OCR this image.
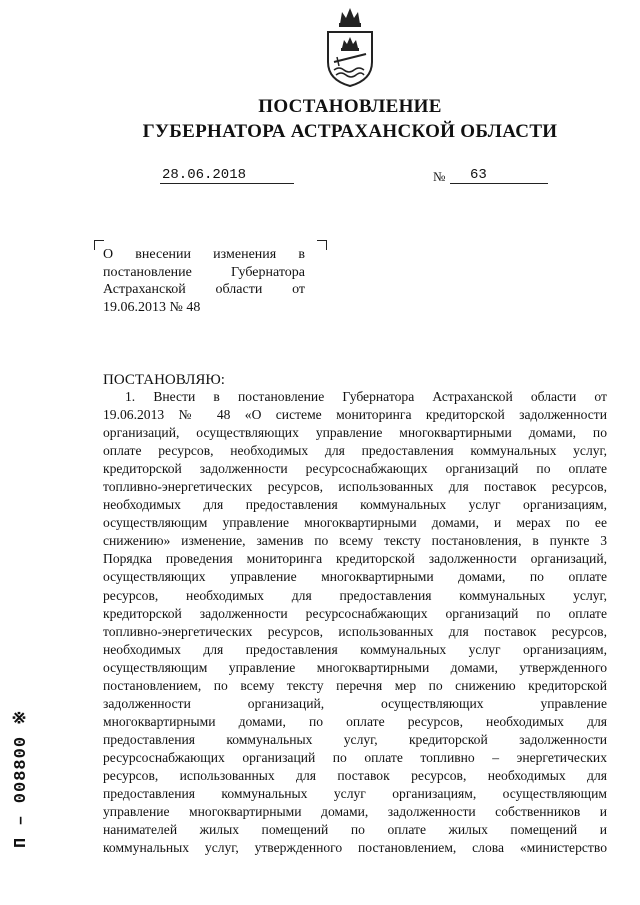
ПОСТАНОВЛЕНИЕ
ГУБЕРНАТОРА АСТРАХАНСКОЙ ОБЛАСТИ
28.06.2018	№	63
О внесении изменения в
постановление Губернатора
Астраханской области от
19.06.2013 № 48
ПОСТАНОВЛЯЮ:
1. Внести в постановление Губернатора Астраханской области от
19.06.2013 № 48 «О системе мониторинга кредиторской задолженности
организаций, осуществляющих управление многоквартирными домами, по
оплате ресурсов, необходимых для предоставления коммунальных услуг,
кредиторской задолженности ресурсоснабжающих организаций по оплате
топливно-энергетических ресурсов, использованных для поставок ресурсов,
необходимых для предоставления коммунальных услуг организациям,
осуществляющим управление многоквартирными домами, и мерах по ее
снижению» изменение, заменив по всему тексту постановления, в пункте 3
Порядка проведения мониторинга кредиторской задолженности организаций,
осуществляющих управление многоквартирными домами, по оплате
ресурсов, необходимых для предоставления коммунальных услуг,
кредиторской задолженности ресурсоснабжающих организаций по оплате
топливно-энергетических ресурсов, использованных для поставок ресурсов,
необходимых для предоставления коммунальных услуг организациям,
осуществляющим управление многоквартирными домами, утвержденного
постановлением, по всему тексту перечня мер по снижению кредиторской
задолженности организаций, осуществляющих управление
многоквартирными домами, по оплате ресурсов, необходимых для
предоставления коммунальных услуг, кредиторской задолженности
ресурсоснабжающих организаций по оплате топливно – энергетических
ресурсов, использованных для поставок ресурсов, необходимых для
предоставления коммунальных услуг организациям, осуществляющим
управление многоквартирными домами, задолженности собственников и
нанимателей жилых помещений по оплате жилых помещений и
коммунальных услуг, утвержденного постановлением, слова «министерство
П – 008800 ※
